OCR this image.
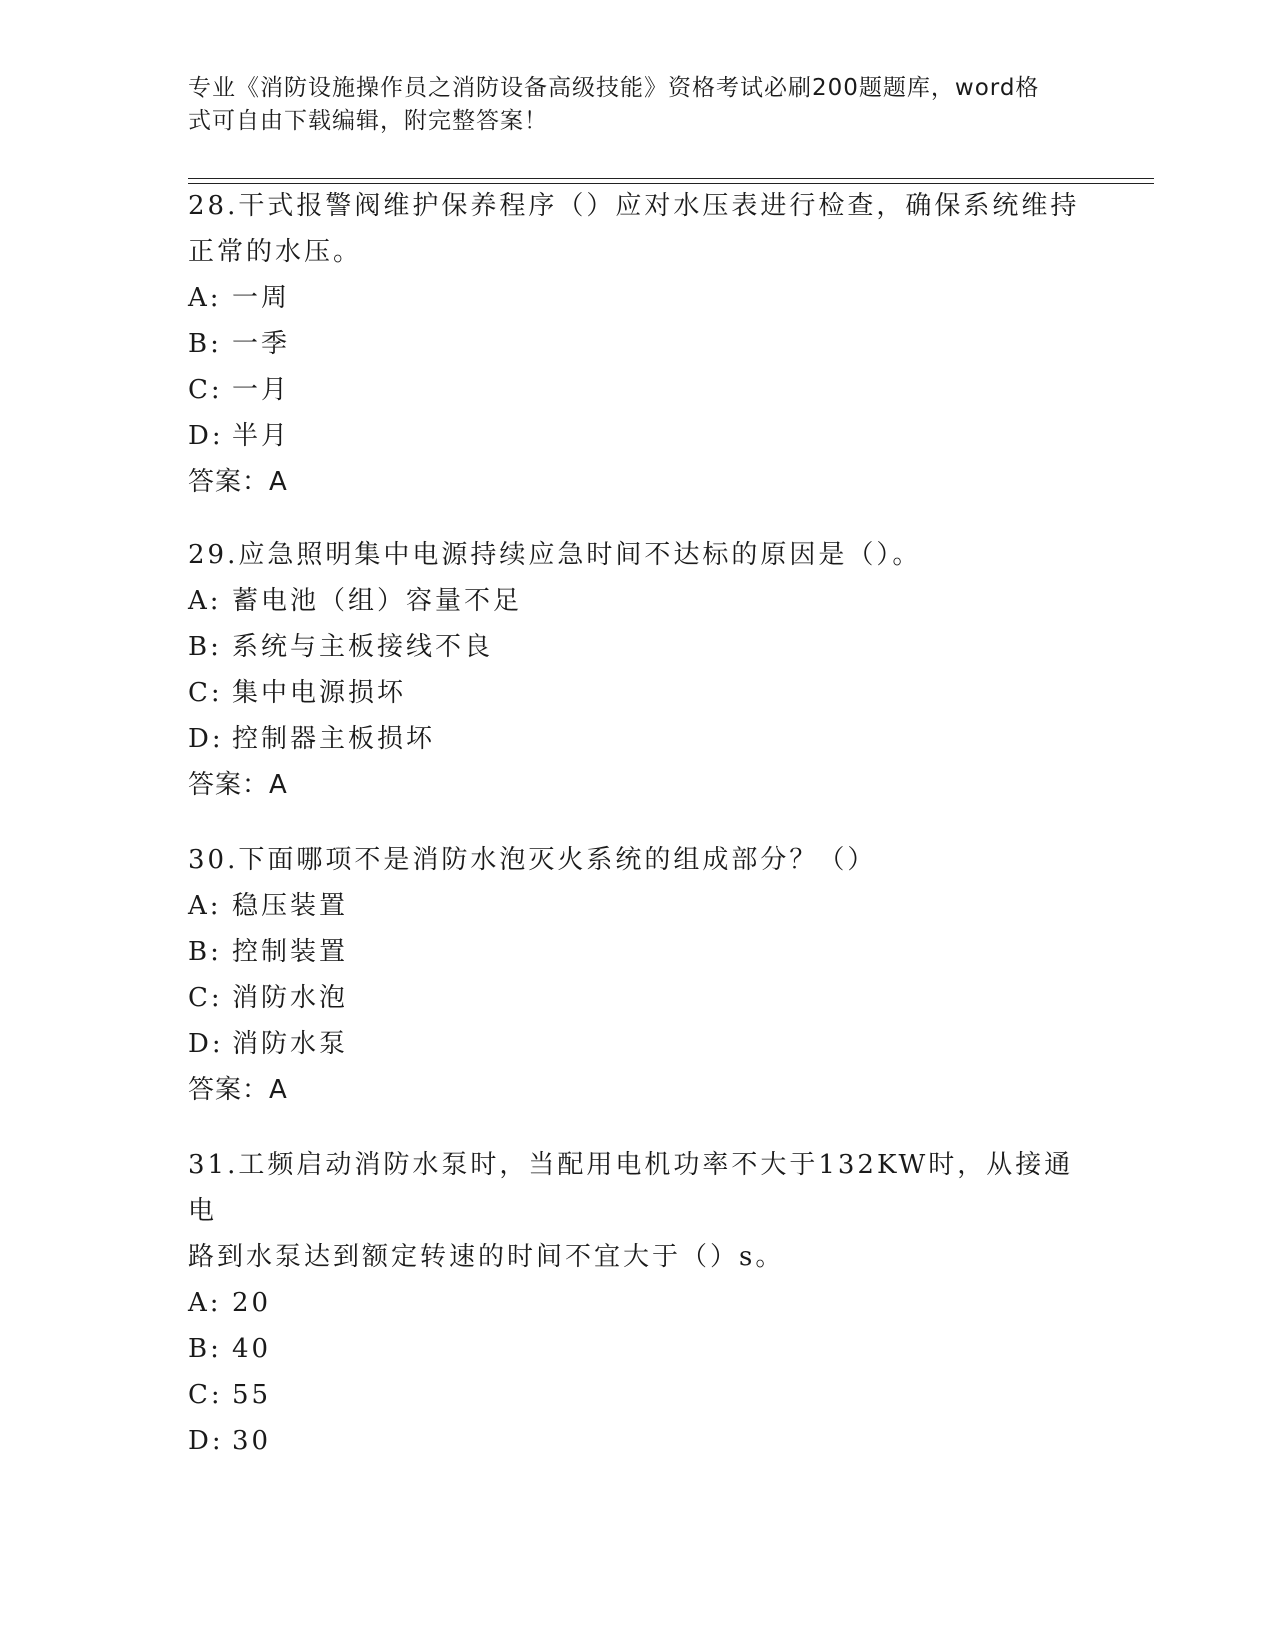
专业《消防设施操作员之消防设备高级技能》资格考试必刷200题题库，word格
式可自由下载编辑，附完整答案！

28.干式报警阀维护保养程序（）应对水压表进行检查，确保系统维持

正常的水压。

A: 一周

B: 一季

C: 一月

D: 半月

答案：A

29.应急照明集中电源持续应急时间不达标的原因是（）。

A: 蓄电池（组）容量不足

B: 系统与主板接线不良

C: 集中电源损坏

D: 控制器主板损坏

答案：A

30.下面哪项不是消防水泡灭火系统的组成部分？（）

A: 稳压装置

B: 控制装置

C: 消防水泡

D: 消防水泵

答案：A

31.工频启动消防水泵时，当配用电机功率不大于132KW时，从接通电

路到水泵达到额定转速的时间不宜大于（）s。

A: 20

B: 40

C: 55

D: 30
